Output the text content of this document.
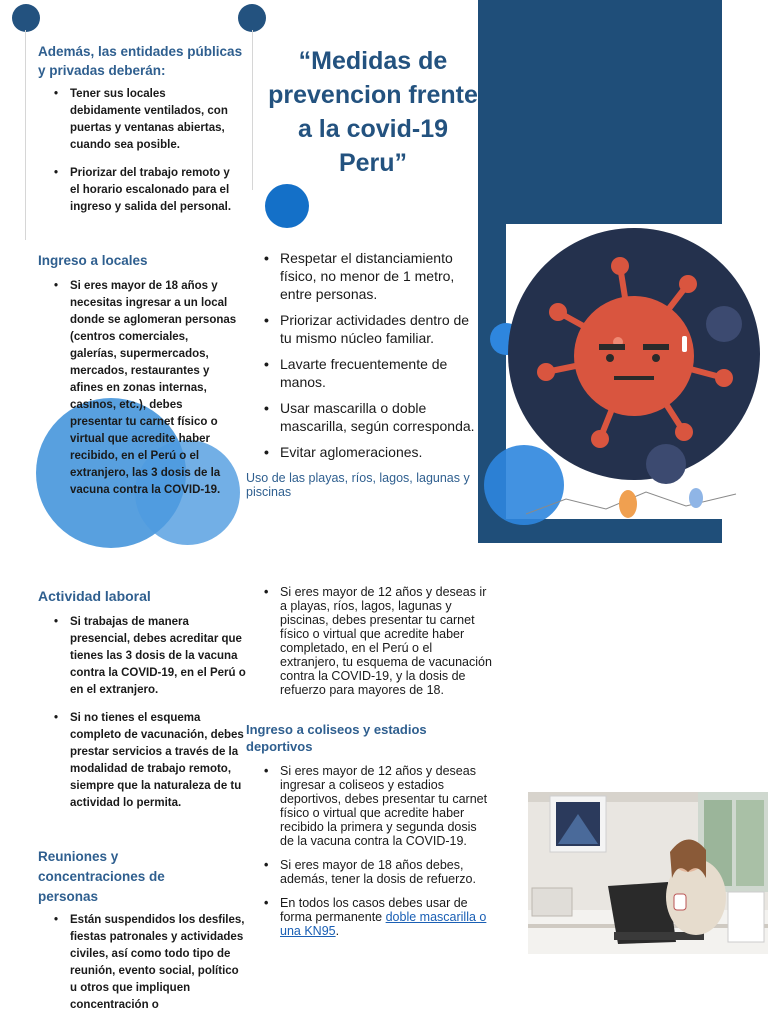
Además, las entidades públicas y privadas deberán:
• Tener sus locales debidamente ventilados, con puertas y ventanas abiertas, cuando sea posible.
• Priorizar del trabajo remoto y el horario escalonado para el ingreso y salida del personal.
Ingreso a locales
• Si eres mayor de 18 años y necesitas ingresar a un local donde se aglomeran personas (centros comerciales, galerías, supermercados, mercados, restaurantes y afines en zonas internas, casinos, etc.), debes presentar tu carnet físico o virtual que acredite haber recibido, en el Perú o el extranjero, las 3 dosis de la vacuna contra la COVID-19.
“Medidas de prevencion frente a la covid-19 Peru”
• Respetar el distanciamiento físico, no menor de 1 metro, entre personas.
• Priorizar actividades dentro de tu mismo núcleo familiar.
• Lavarte frecuentemente de manos.
• Usar mascarilla o doble mascarilla, según corresponda.
• Evitar aglomeraciones.
Uso de las playas, ríos, lagos, lagunas y piscinas
Actividad laboral
• Si trabajas de manera presencial, debes acreditar que tienes las 3 dosis de la vacuna contra la COVID-19, en el Perú o en el extranjero.
• Si no tienes el esquema completo de vacunación, debes prestar servicios a través de la modalidad de trabajo remoto, siempre que la naturaleza de tu actividad lo permita.
Reuniones y concentraciones de personas
• Están suspendidos los desfiles, fiestas patronales y actividades civiles, así como todo tipo de reunión, evento social, político u otros que impliquen concentración o
• Si eres mayor de 12 años y deseas ir a playas, ríos, lagos, lagunas y piscinas, debes presentar tu carnet físico o virtual que acredite haber completado, en el Perú o el extranjero, tu esquema de vacunación contra la COVID-19, y la dosis de refuerzo para mayores de 18.
Ingreso a coliseos y estadios deportivos
• Si eres mayor de 12 años y deseas ingresar a coliseos y estadios deportivos, debes presentar tu carnet físico o virtual que acredite haber recibido la primera y segunda dosis de la vacuna contra la COVID-19.
• Si eres mayor de 18 años debes, además, tener la dosis de refuerzo.
• En todos los casos debes usar de forma permanente doble mascarilla o una KN95.
